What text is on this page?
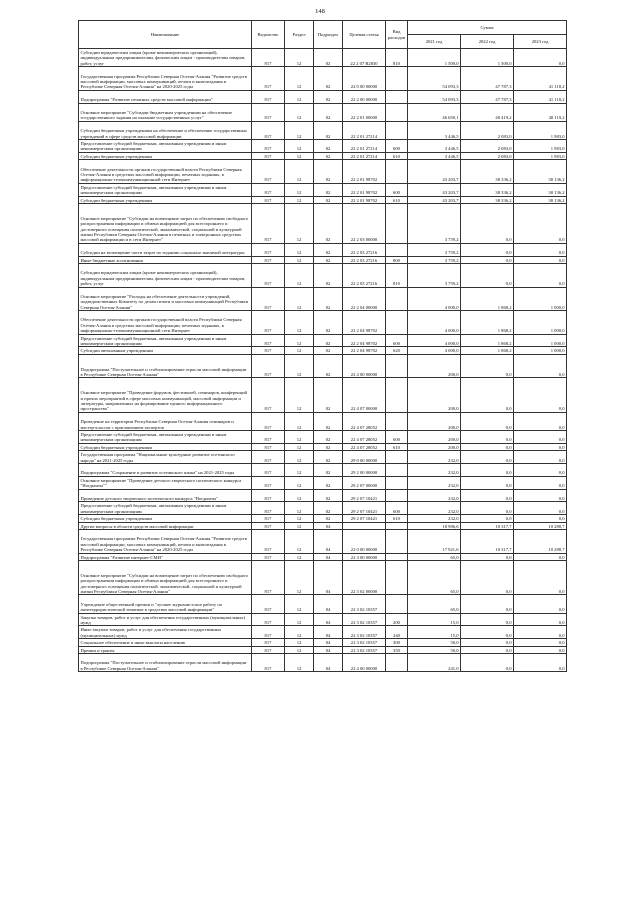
148
Наименование	Ведомство	Раздел	Подраздел	Целевая статья	Вид расходов	Сумма		
						2021 год	2022 год	2023 год
Субсидии юридическим лицам (кроме некоммерческих организаций), индивидуальным предпринимателям, физическим лицам - производителям товаров, работ, услуг	817	12	02	22 2 07 R2830	810	1 500,0	1 500,0	0,0
Государственная программа Республики Северная Осетия-Алания "Развитие средств массовой информации, массовых коммуникаций, печати и книгоиздания в Республике Северная Осетия-Алания" на 2020-2025 годы	817	12	02	22 0 00 00000		54 093,3	47 787,3	41 118,2
Подпрограмма "Развитие печатных средств массовой информации"	817	12	02	22 2 00 00000		54 093,3	47 787,3	41 118,2
Основное мероприятие "Субсидии бюджетным учреждениям на обеспечение государственного задания на оказание государственных услуг"	817	12	02	22 2 01 00000		46 650,1	40 419,2	40 119,2
Субсидии бюджетным учреждениям на обеспечение и обеспечение государственных учреждений в сфере средств массовой информации	817	12	02	22 2 01 27214		3 446,5	2 083,0	1 983,0
Предоставление субсидий бюджетным, автономным учреждениям и иным некоммерческим организациям	817	12	02	22 2 01 27214	600	3 446,5	2 083,0	1 983,0
Субсидии бюджетным учреждениям	817	12	02	22 2 01 27214	610	3 446,5	2 083,0	1 983,0
Обеспечение деятельности органов государственной власти Республики Северная Осетия-Алания в средствах массовой информации, печатных изданиях, в информационно-телекоммуникационной сети Интернет	817	12	02	22 2 01 98702		43 203,7	38 336,2	38 136,2
Предоставление субсидий бюджетным, автономным учреждениям и иным некоммерческим организациям	817	12	02	22 2 01 98702	600	43 203,7	38 336,2	38 136,2
Субсидии бюджетным учреждениям	817	12	02	22 2 01 98702	610	43 203,7	38 336,2	38 136,2
Основное мероприятие "Субсидии на возмещение затрат по обеспечению свободного распространения информации и обмена информацией для всестороннего и достоверного освещения политической, экономической, социальной и культурной жизни Республики Северная Осетия-Алания в печатных и электронных средствах массовой информации и в сети Интернет"	817	12	02	22 2 03 00000		3 759,2	0,0	0,0
Субсидии на возмещение части затрат по изданию социально значимой литературы	817	12	02	22 2 03 27216		3 759,2	0,0	0,0
Иные бюджетные ассигнования	817	12	02	22 2 03 27216	800	3 759,2	0,0	0,0
Субсидии юридическим лицам (кроме некоммерческих организаций), индивидуальным предпринимателям, физическим лицам - производителям товаров, работ, услуг	817	12	02	22 2 03 27216	810	3 759,2	0,0	0,0
Основное мероприятие "Расходы на обеспечение деятельности учреждений, подведомственных Комитету по делам печати и массовых коммуникаций Республики Северная Осетия-Алания"	817	12	02	22 2 04 00000		4 000,0	1 868,2	1 000,0
Обеспечение деятельности органов государственной власти Республики Северная Осетия-Алания в средствах массовой информации, печатных изданиях, в информационно-телекоммуникационной сети Интернет	817	12	02	22 2 04 98702		4 000,0	1 868,2	1 000,0
Предоставление субсидий бюджетным, автономным учреждениям и иным некоммерческим организациям	817	12	02	22 2 04 98702	600	4 000,0	1 868,2	1 000,0
Субсидии автономным учреждениям	817	12	02	22 2 04 98702	620	4 000,0	1 868,2	1 000,0
Подпрограмма "Поступательное и стабилизирование отрасли массовой информации в Республике Северная Осетия-Алания"	817	12	02	22 4 00 00000		200,0	0,0	0,0
Основное мероприятие "Проведение форумов, фестивалей, семинаров, конференций и прочих мероприятий в сфере массовых коммуникаций, массовой информации и литературы, направленных на формирование единого информационного пространства"	817	12	02	22 4 07 00000		200,0	0,0	0,0
Проведение на территории Республики Северная Осетия-Алания семинаров и мастер-классов с приглашением экспертов	817	12	02	22 4 07 28052		200,0	0,0	0,0
Предоставление субсидий бюджетным, автономным учреждениям и иным некоммерческим организациям	817	12	02	22 4 07 28052	600	200,0	0,0	0,0
Субсидии бюджетным учреждениям	817	12	02	22 4 07 28052	610	200,0	0,0	0,0
Государственная программа "Национальные культурные развитие осетинского народа" на 2021-2025 годы	817	12	02	29 0 00 00000		232,0	0,0	0,0
Подпрограмма "Сохранение и развитие осетинского языка" на 2021-2025 годы	817	12	02	29 2 00 00000		232,0	0,0	0,0
Основное мероприятие "Проведение детского творческого поэтического конкурса "Ногдымты""	817	12	02	29 2 07 00000		232,0	0,0	0,0
Проведение детского творческого поэтического конкурса "Ногдымты"	817	12	02	29 2 07 10421		232,0	0,0	0,0
Предоставление субсидий бюджетным, автономным учреждениям и иным некоммерческим организациям	817	12	02	29 2 07 10421	600	232,0	0,0	0,0
Субсидии бюджетным учреждениям	817	12	02	29 2 07 10421	610	232,0	0,0	0,0
Другие вопросы в области средств массовой информации	817	12	04			18 986,6	10 317,7	10 288,7
Государственная программа Республики Северная Осетия-Алания "Развитие средств массовой информации, массовых коммуникаций, печати и книгоиздания в Республике Северная Осетия-Алания" на 2020-2025 годы	817	12	04	22 0 00 00000		17 921,6	10 317,7	10 288,7
Подпрограмма "Развитие интернет-СМИ"	817	12	04	22 3 00 00000		65,0	0,0	0,0
Основное мероприятие "Субсидии на возмещение затрат по обеспечению свободного распространения информации и обмена информацией для всестороннего и достоверного освещения политической, экономической, социальной и культурной жизни Республики Северная Осетия-Алания"	817	12	04	22 3 02 00000		65,0	0,0	0,0
Учреждение общественной премии и "лучшее журналистское работу по антитеррористической тематике в средствах массовой информации"	817	12	04	22 3 02 10357		65,0	0,0	0,0
Закупка товаров, работ и услуг для обеспечения государственных (муниципальных) нужд	817	12	04	22 3 02 10357	200	15,0	0,0	0,0
Иные закупки товаров, работ и услуг для обеспечения государственных (муниципальных) нужд	817	12	04	22 3 02 10357	240	15,0	0,0	0,0
Социальное обеспечение и иные выплаты населению	817	12	04	22 3 02 10357	300	50,0	0,0	0,0
Премии и гранты	817	12	04	22 3 02 10357	350	50,0	0,0	0,0
Подпрограмма "Поступательное и стабилизирование отрасли массовой информации в Республике Северная Осетия-Алания"	817	12	04	22 4 00 00000		241,0	0,0	0,0
